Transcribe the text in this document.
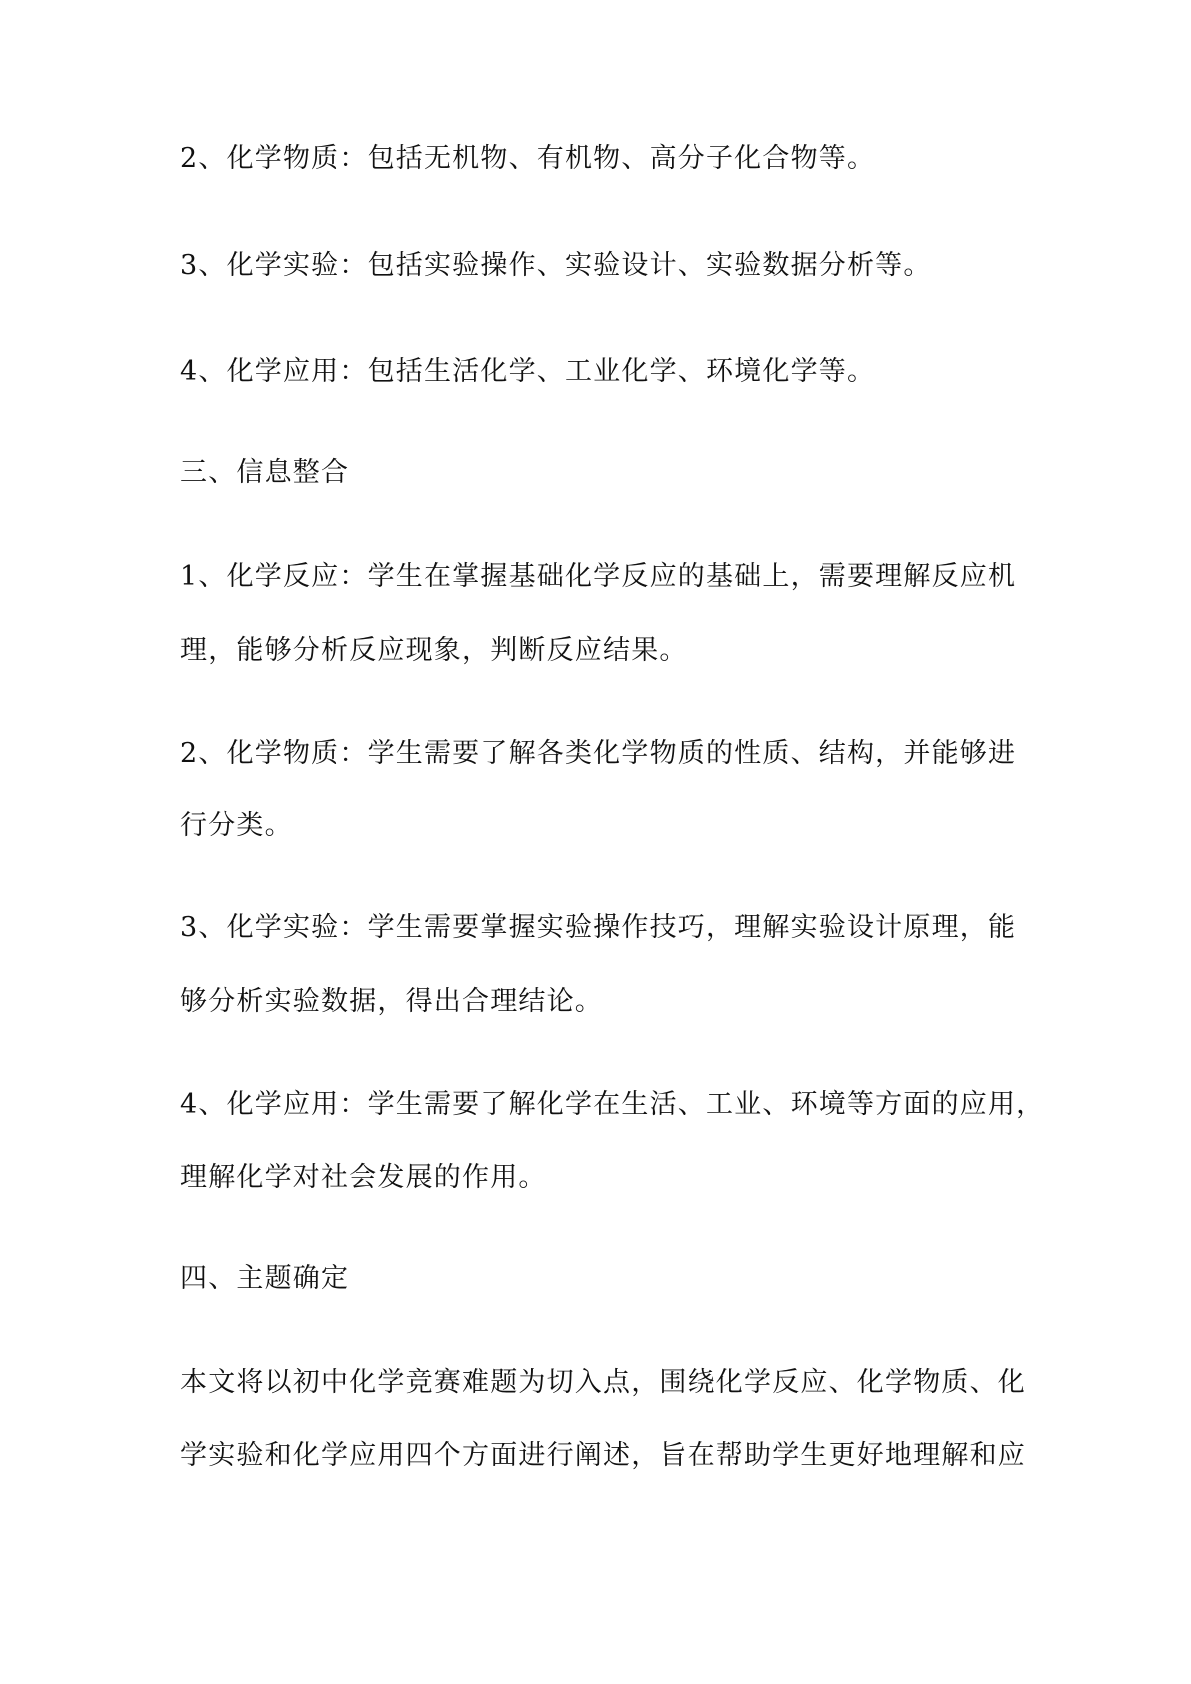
2、化学物质：包括无机物、有机物、高分子化合物等。

3、化学实验：包括实验操作、实验设计、实验数据分析等。

4、化学应用：包括生活化学、工业化学、环境化学等。

三、信息整合

1、化学反应：学生在掌握基础化学反应的基础上，需要理解反应机

理，能够分析反应现象，判断反应结果。

2、化学物质：学生需要了解各类化学物质的性质、结构，并能够进

行分类。

3、化学实验：学生需要掌握实验操作技巧，理解实验设计原理，能

够分析实验数据，得出合理结论。

4、化学应用：学生需要了解化学在生活、工业、环境等方面的应用，

理解化学对社会发展的作用。

四、主题确定

本文将以初中化学竞赛难题为切入点，围绕化学反应、化学物质、化

学实验和化学应用四个方面进行阐述，旨在帮助学生更好地理解和应
